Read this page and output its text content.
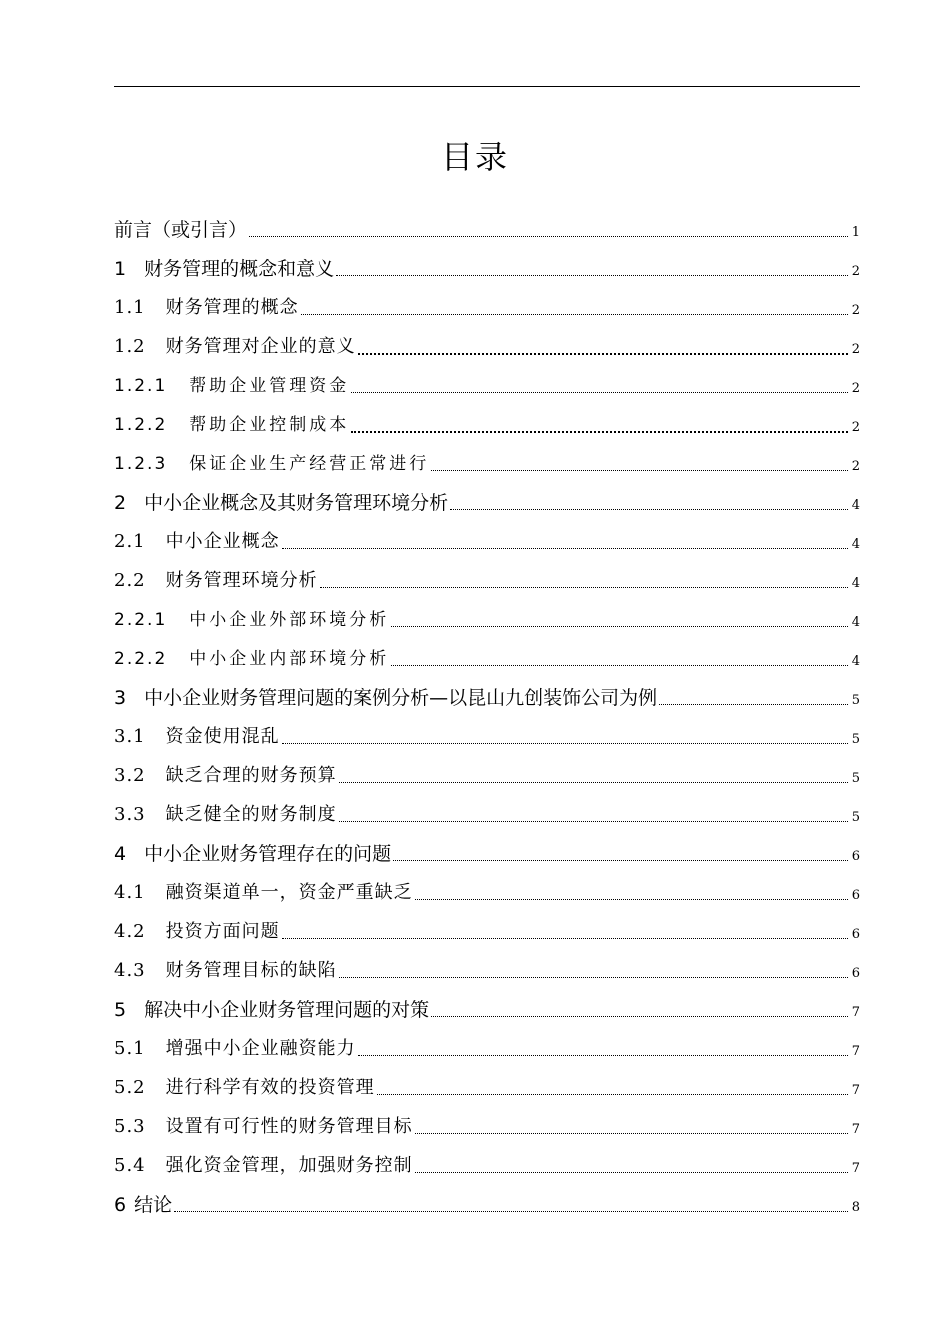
目录
前言（或引言）	1
1 财务管理的概念和意义	2
1.1 财务管理的概念	2
1.2 财务管理对企业的意义	2
1.2.1 帮助企业管理资金	2
1.2.2 帮助企业控制成本	2
1.2.3 保证企业生产经营正常进行	2
2 中小企业概念及其财务管理环境分析	4
2.1 中小企业概念	4
2.2 财务管理环境分析	4
2.2.1 中小企业外部环境分析	4
2.2.2 中小企业内部环境分析	4
3 中小企业财务管理问题的案例分析—以昆山九创装饰公司为例	5
3.1 资金使用混乱	5
3.2 缺乏合理的财务预算	5
3.3 缺乏健全的财务制度	5
4 中小企业财务管理存在的问题	6
4.1 融资渠道单一，资金严重缺乏	6
4.2 投资方面问题	6
4.3 财务管理目标的缺陷	6
5 解决中小企业财务管理问题的对策	7
5.1 增强中小企业融资能力	7
5.2 进行科学有效的投资管理	7
5.3 设置有可行性的财务管理目标	7
5.4 强化资金管理，加强财务控制	7
6 结论	8
